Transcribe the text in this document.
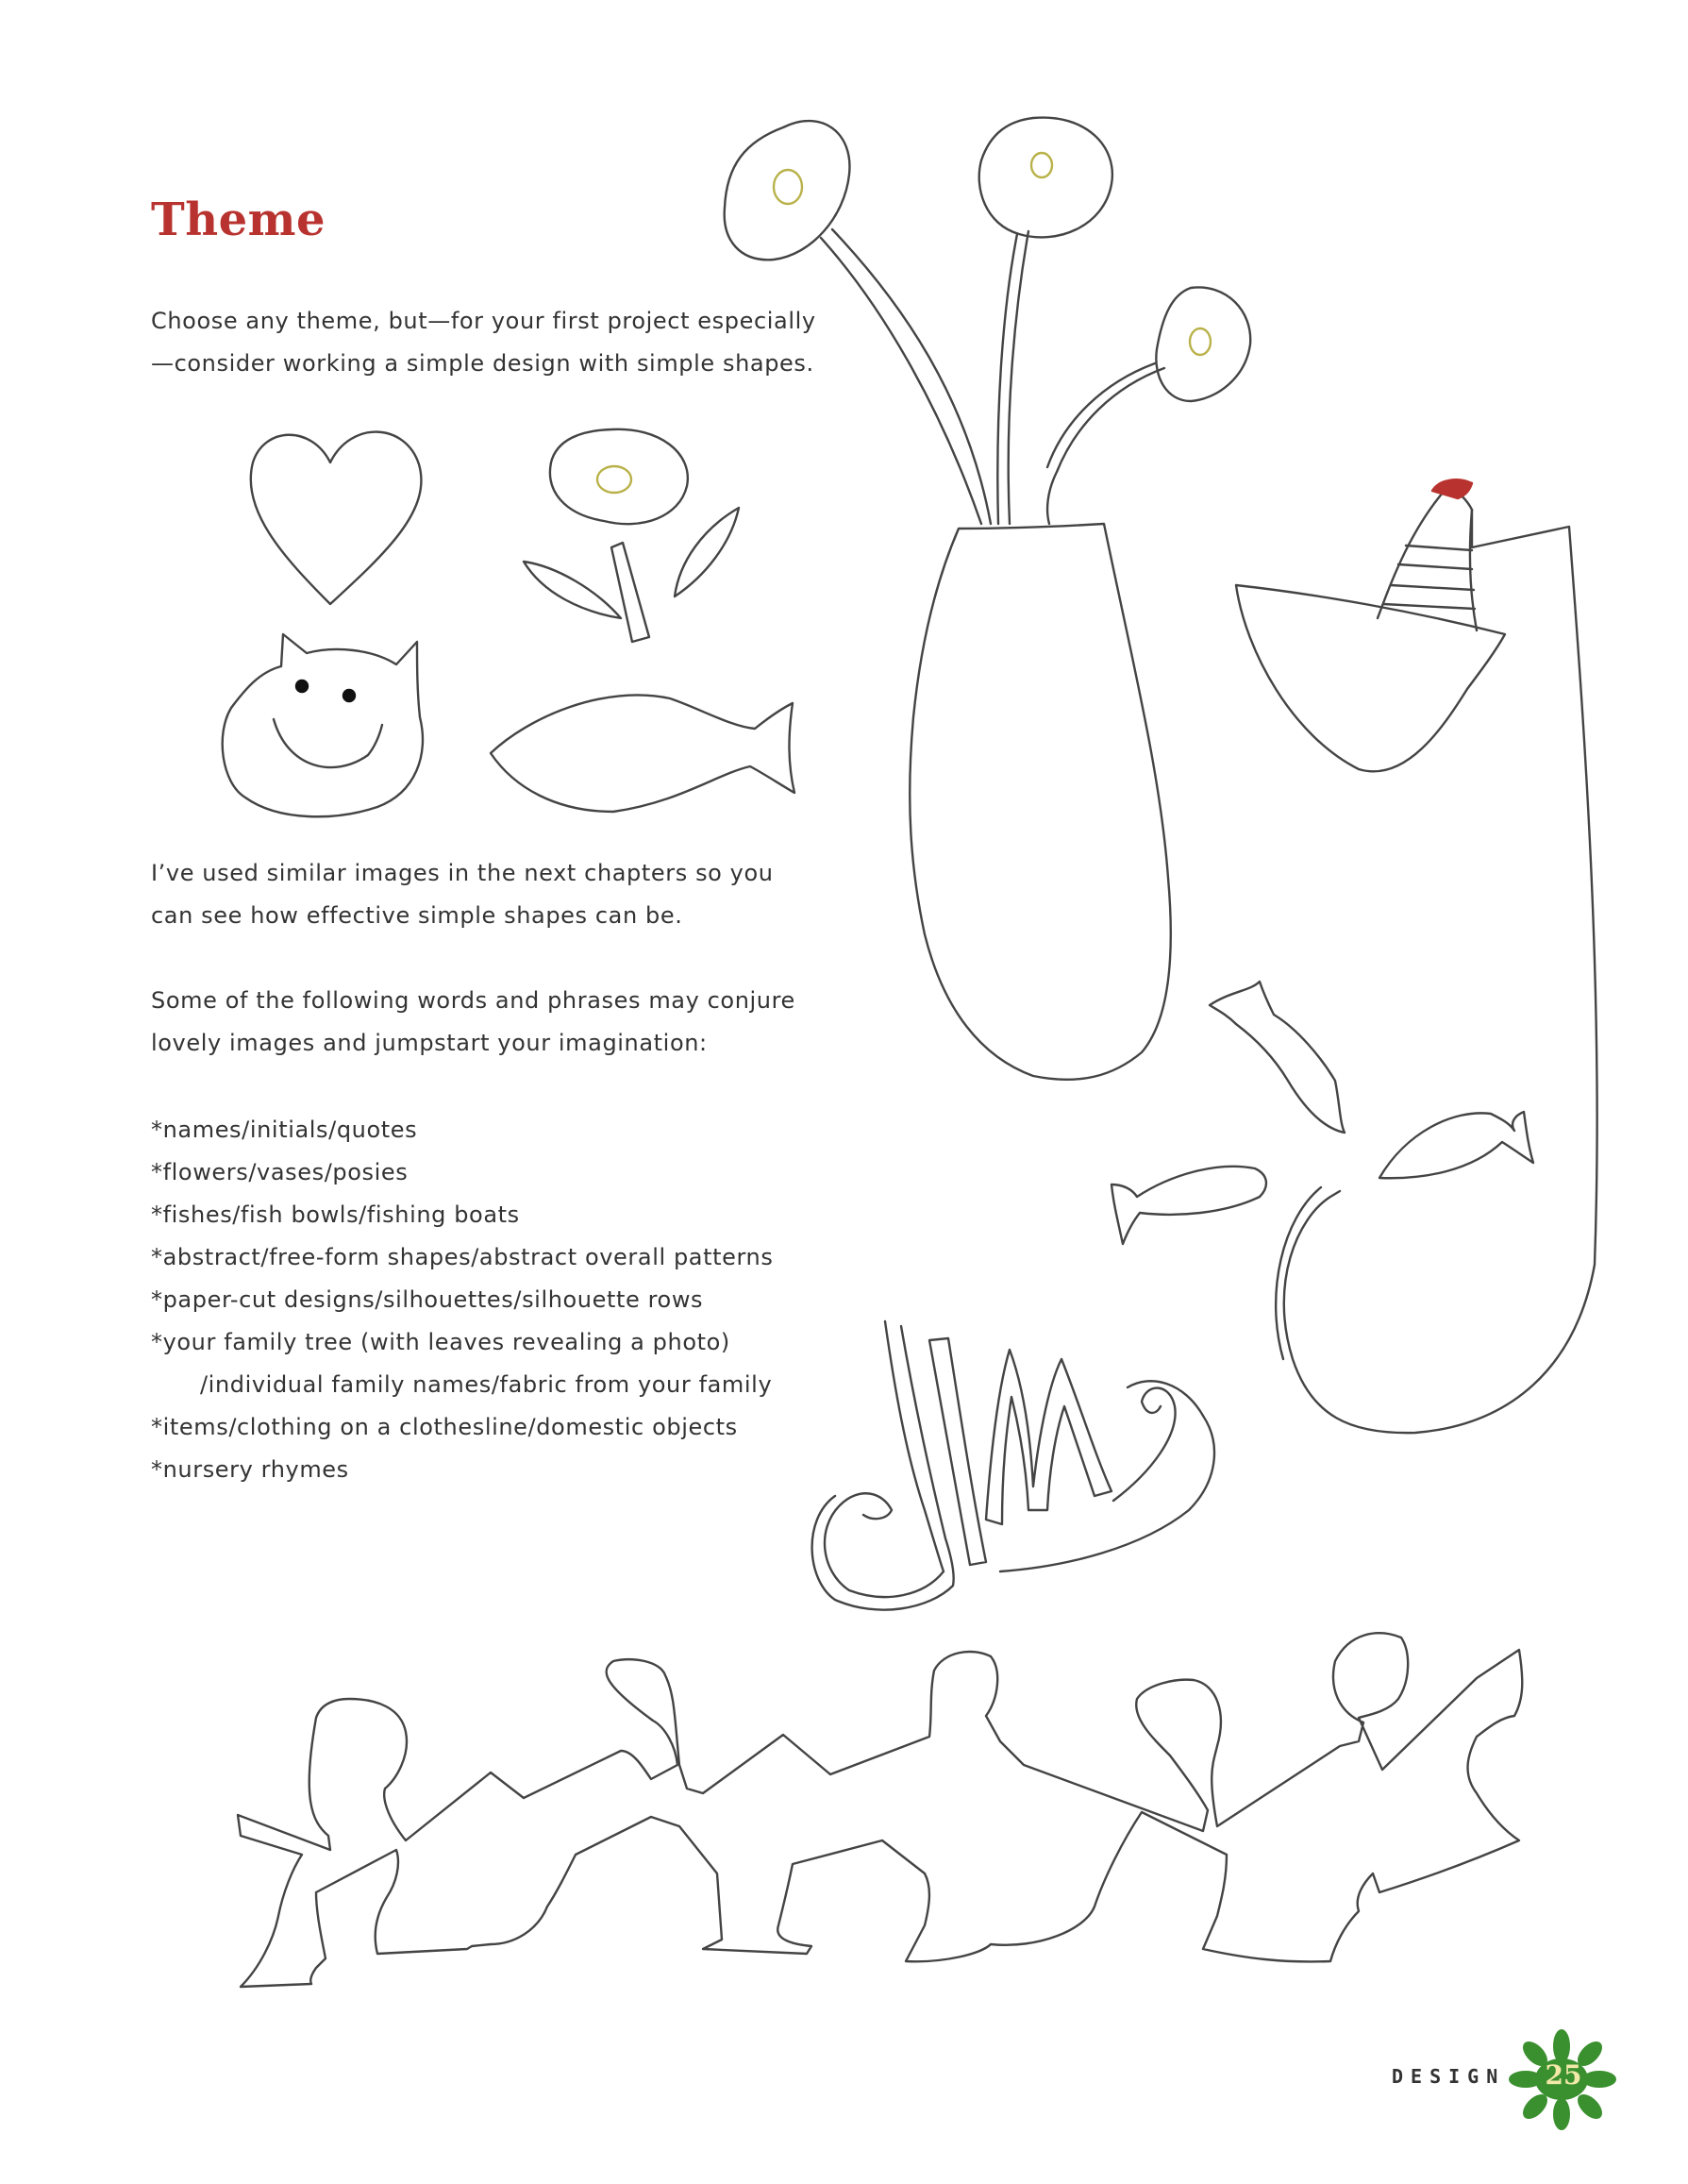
Theme
Choose any theme, but—for your first project especially —consider working a simple design with simple shapes.
I’ve used similar images in the next chapters so you can see how effective simple shapes can be.
Some of the following words and phrases may conjure lovely images and jumpstart your imagination:
*names/initials/quotes
*flowers/vases/posies
*fishes/fish bowls/fishing boats
*abstract/free-form shapes/abstract overall patterns
*paper-cut designs/silhouettes/silhouette rows
*your family tree (with leaves revealing a photo)
/individual family names/fabric from your family
*items/clothing on a clothesline/domestic objects
*nursery rhymes
DESIGN	25
